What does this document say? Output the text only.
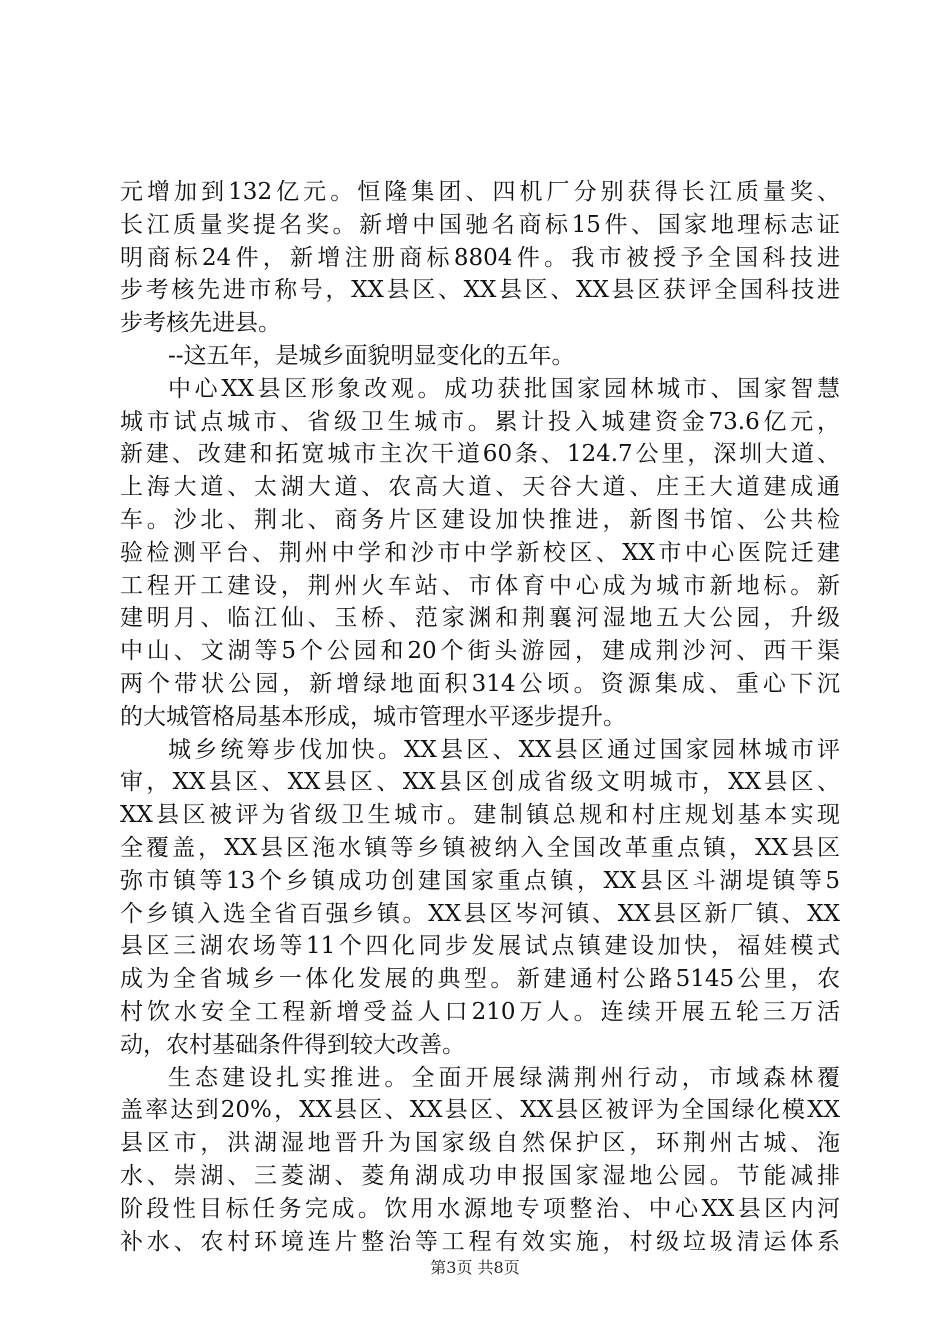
元增加到132亿元。恒隆集团、四机厂分别获得长江质量奖、
长江质量奖提名奖。新增中国驰名商标15件、国家地理标志证
明商标24件，新增注册商标8804件。我市被授予全国科技进
步考核先进市称号，XX县区、XX县区、XX县区获评全国科技进
步考核先进县。
--这五年，是城乡面貌明显变化的五年。
中心XX县区形象改观。成功获批国家园林城市、国家智慧
城市试点城市、省级卫生城市。累计投入城建资金73.6亿元，
新建、改建和拓宽城市主次干道60条、124.7公里，深圳大道、
上海大道、太湖大道、农高大道、天谷大道、庄王大道建成通
车。沙北、荆北、商务片区建设加快推进，新图书馆、公共检
验检测平台、荆州中学和沙市中学新校区、XX市中心医院迁建
工程开工建设，荆州火车站、市体育中心成为城市新地标。新
建明月、临江仙、玉桥、范家渊和荆襄河湿地五大公园，升级
中山、文湖等5个公园和20个街头游园，建成荆沙河、西干渠
两个带状公园，新增绿地面积314公顷。资源集成、重心下沉
的大城管格局基本形成，城市管理水平逐步提升。
城乡统筹步伐加快。XX县区、XX县区通过国家园林城市评
审，XX县区、XX县区、XX县区创成省级文明城市，XX县区、
XX县区被评为省级卫生城市。建制镇总规和村庄规划基本实现
全覆盖，XX县区沲水镇等乡镇被纳入全国改革重点镇，XX县区
弥市镇等13个乡镇成功创建国家重点镇，XX县区斗湖堤镇等5
个乡镇入选全省百强乡镇。XX县区岑河镇、XX县区新厂镇、XX
县区三湖农场等11个四化同步发展试点镇建设加快，福娃模式
成为全省城乡一体化发展的典型。新建通村公路5145公里，农
村饮水安全工程新增受益人口210万人。连续开展五轮三万活
动，农村基础条件得到较大改善。
生态建设扎实推进。全面开展绿满荆州行动，市域森林覆
盖率达到20%，XX县区、XX县区、XX县区被评为全国绿化模XX
县区市，洪湖湿地晋升为国家级自然保护区，环荆州古城、沲
水、崇湖、三菱湖、菱角湖成功申报国家湿地公园。节能减排
阶段性目标任务完成。饮用水源地专项整治、中心XX县区内河
补水、农村环境连片整治等工程有效实施，村级垃圾清运体系
第3页 共8页
